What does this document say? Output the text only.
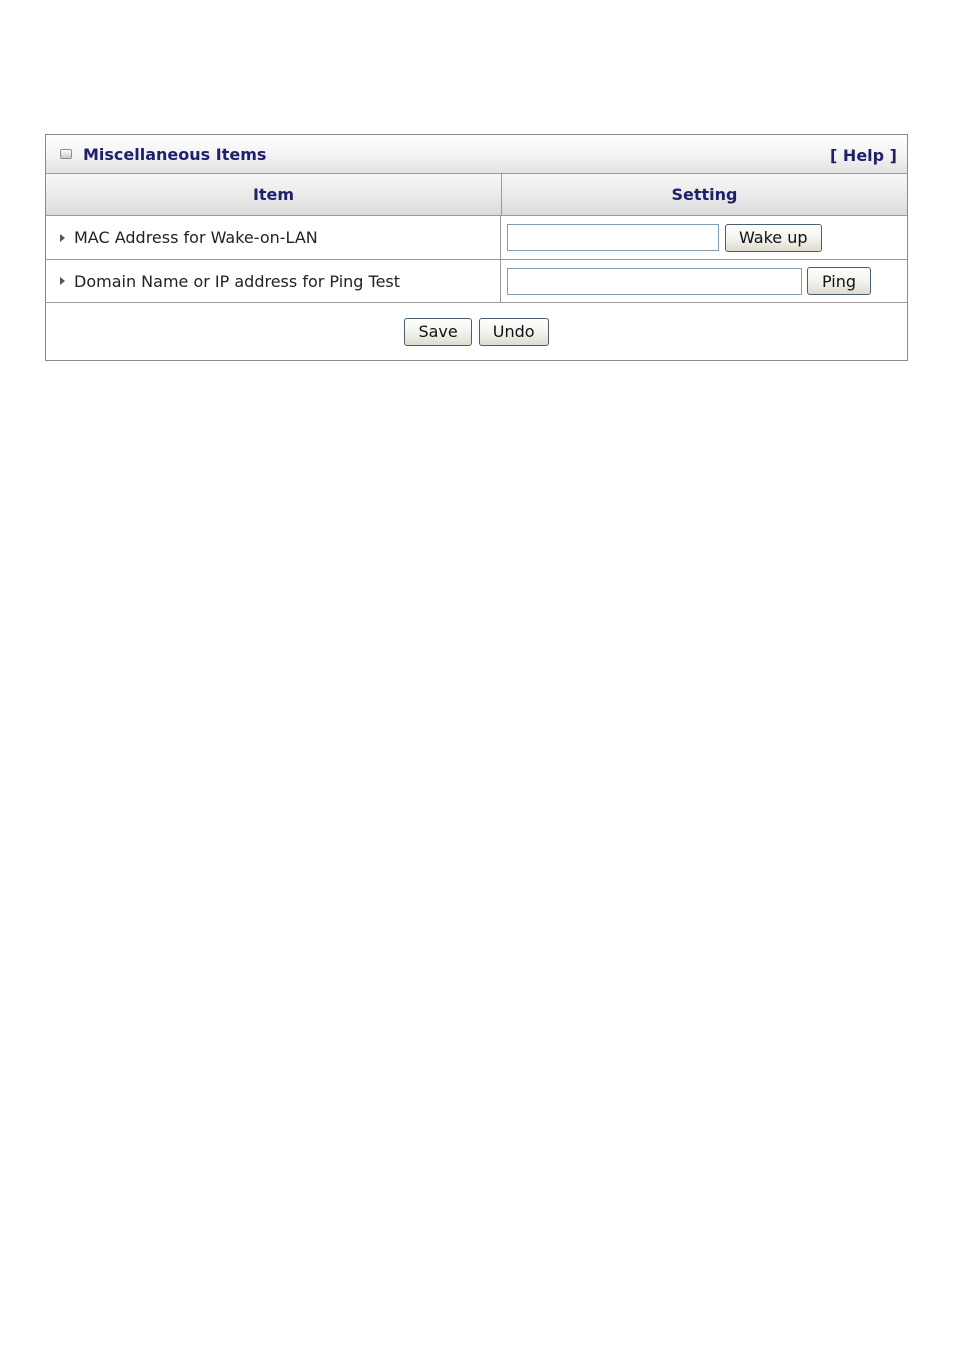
Miscellaneous Items	[ Help ]
Item	Setting
MAC Address for Wake-on-LAN	Wake up
Domain Name or IP address for Ping Test	Ping
Save	Undo
